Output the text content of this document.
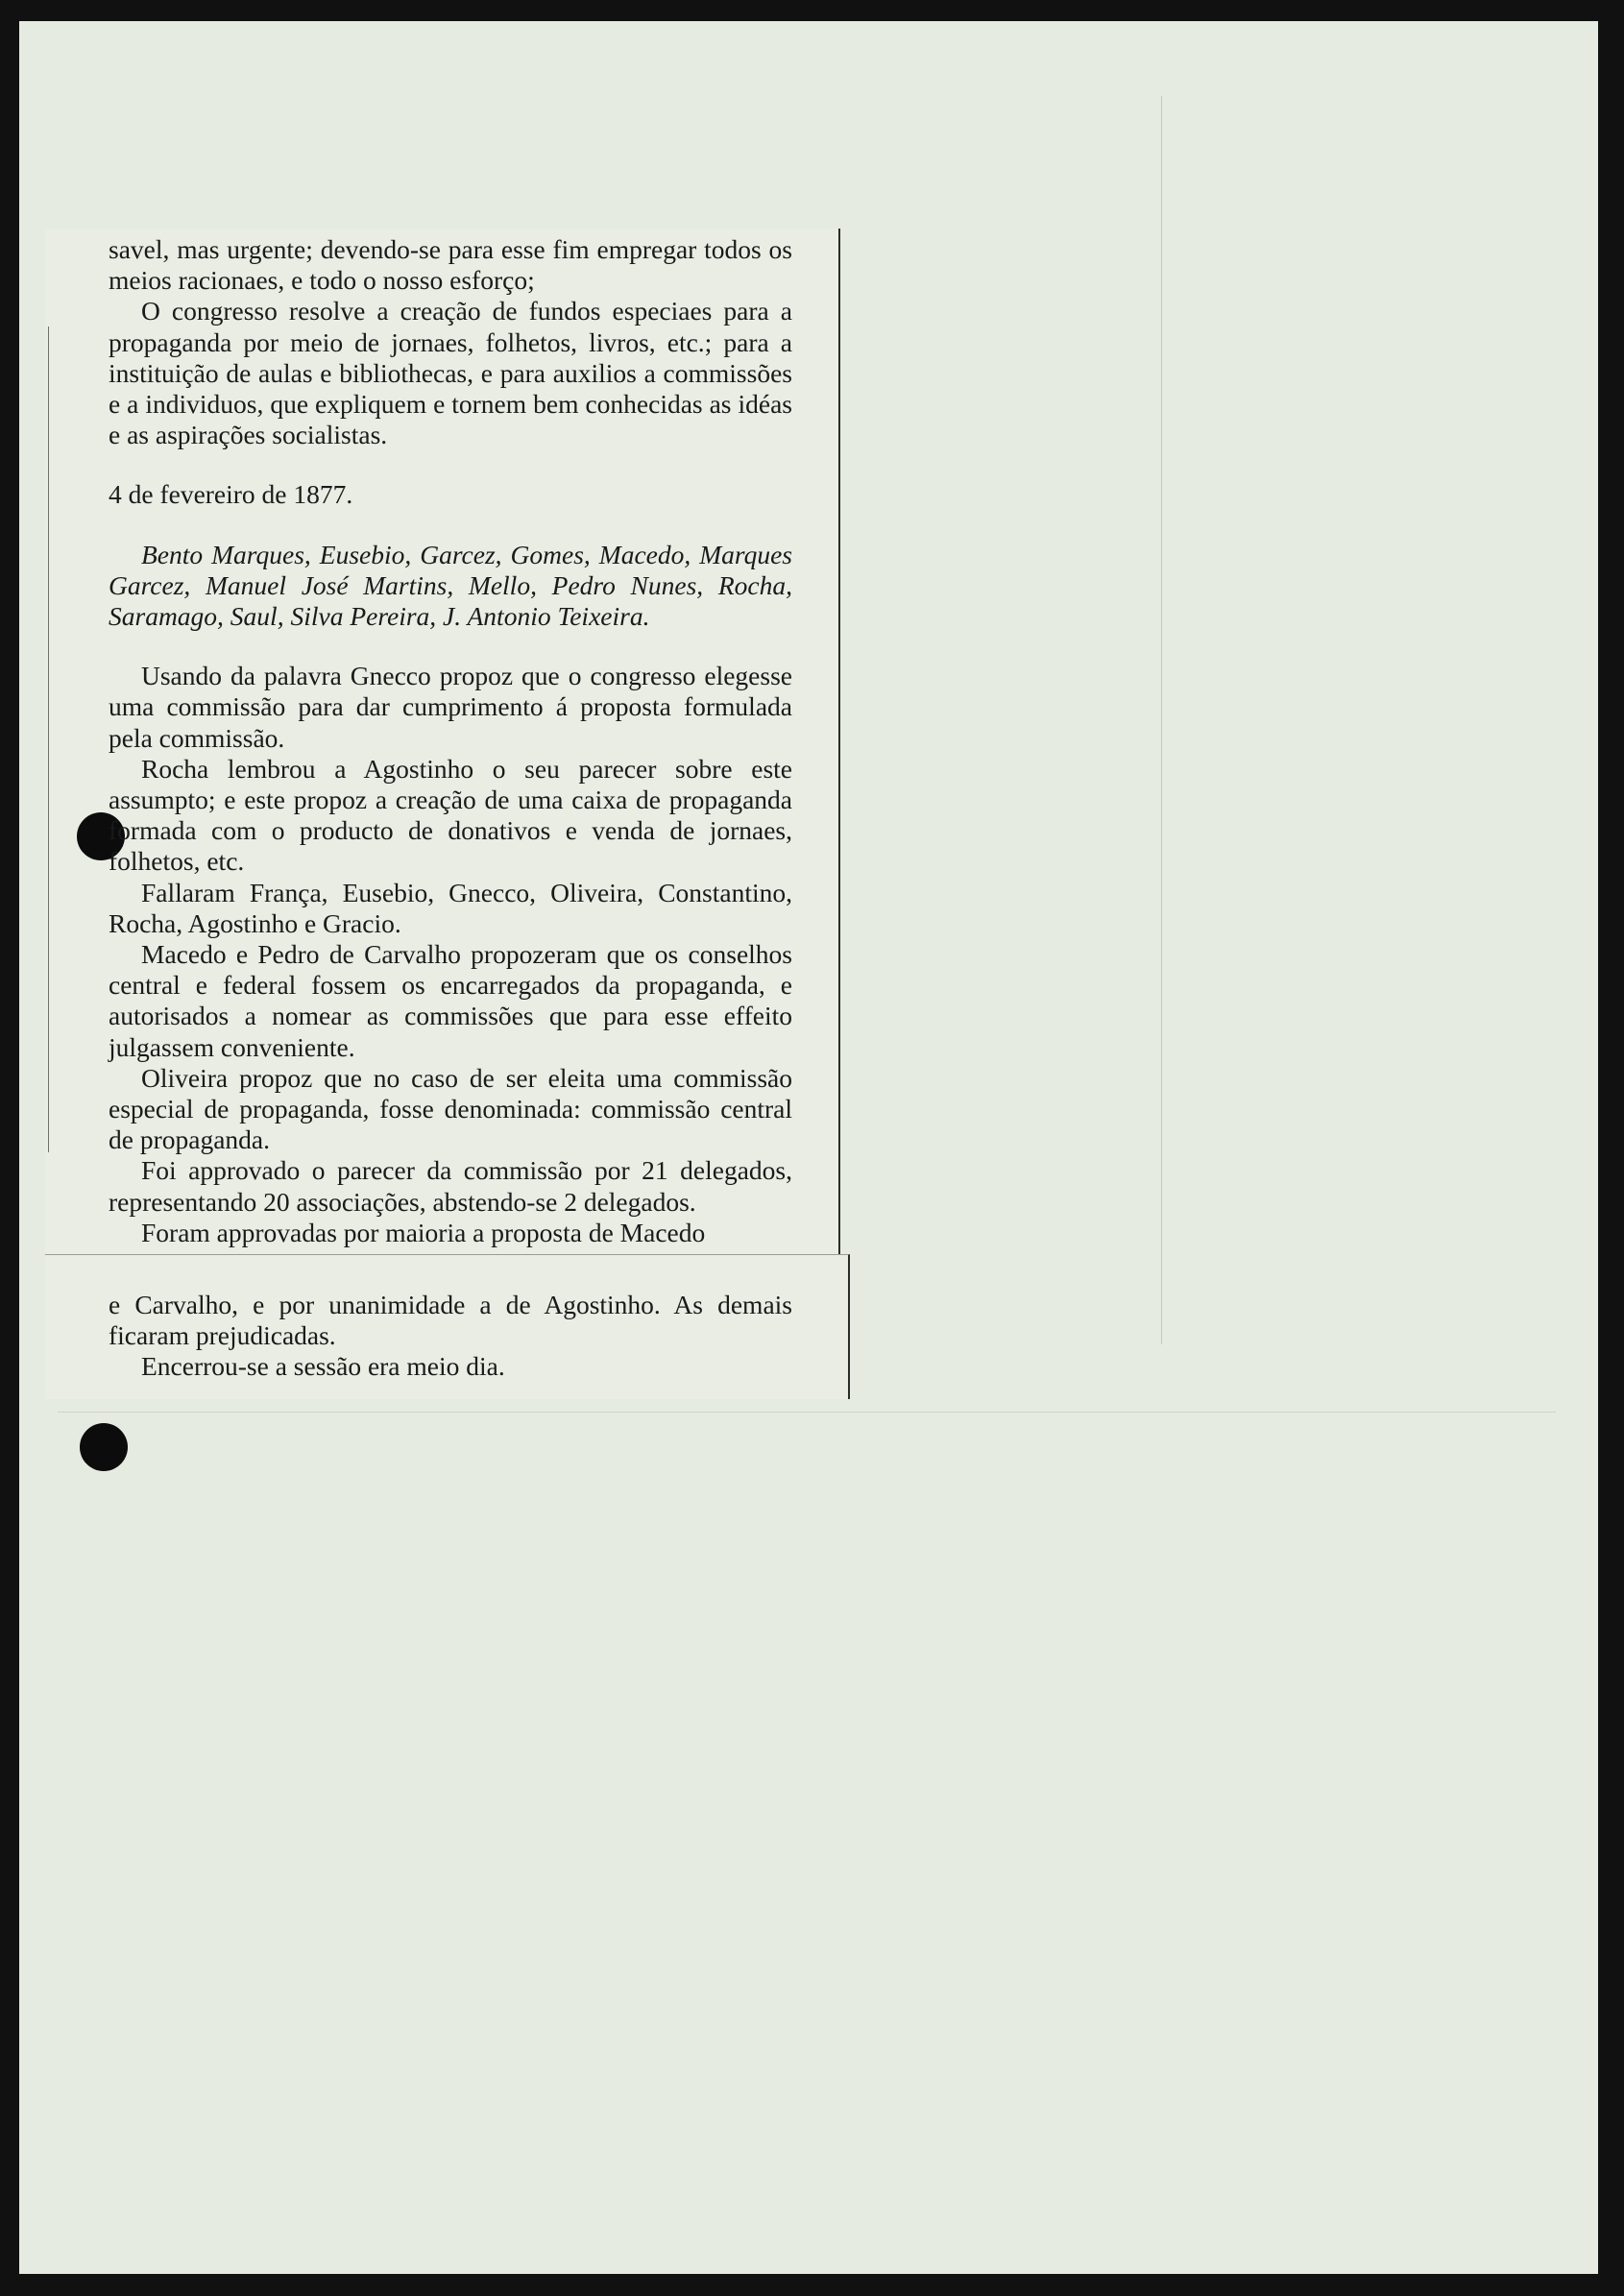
savel, mas urgente; devendo-se para esse fim empregar todos os meios racionaes, e todo o nosso esforço;

O congresso resolve a creação de fundos especiaes para a propaganda por meio de jornaes, folhetos, livros, etc.; para a instituição de aulas e bibliothecas, e para auxilios a commissões e a individuos, que expliquem e tornem bem conhecidas as idéas e as aspirações socialistas.

4 de fevereiro de 1877.

Bento Marques, Eusebio, Garcez, Gomes, Macedo, Marques Garcez, Manuel José Martins, Mello, Pedro Nunes, Rocha, Saramago, Saul, Silva Pereira, J. Antonio Teixeira.

Usando da palavra Gnecco propoz que o congresso elegesse uma commissão para dar cumprimento á proposta formulada pela commissão.

Rocha lembrou a Agostinho o seu parecer sobre este assumpto; e este propoz a creação de uma caixa de propaganda formada com o producto de donativos e venda de jornaes, folhetos, etc.

Fallaram França, Eusebio, Gnecco, Oliveira, Constantino, Rocha, Agostinho e Gracio.

Macedo e Pedro de Carvalho propozeram que os conselhos central e federal fossem os encarregados da propaganda, e autorisados a nomear as commissões que para esse effeito julgassem conveniente.

Oliveira propoz que no caso de ser eleita uma commissão especial de propaganda, fosse denominada: commissão central de propaganda.

Foi approvado o parecer da commissão por 21 delegados, representando 20 associações, abstendo-se 2 delegados.

Foram approvadas por maioria a proposta de Macedo

e Carvalho, e por unanimidade a de Agostinho. As demais ficaram prejudicadas.

Encerrou-se a sessão era meio dia.
